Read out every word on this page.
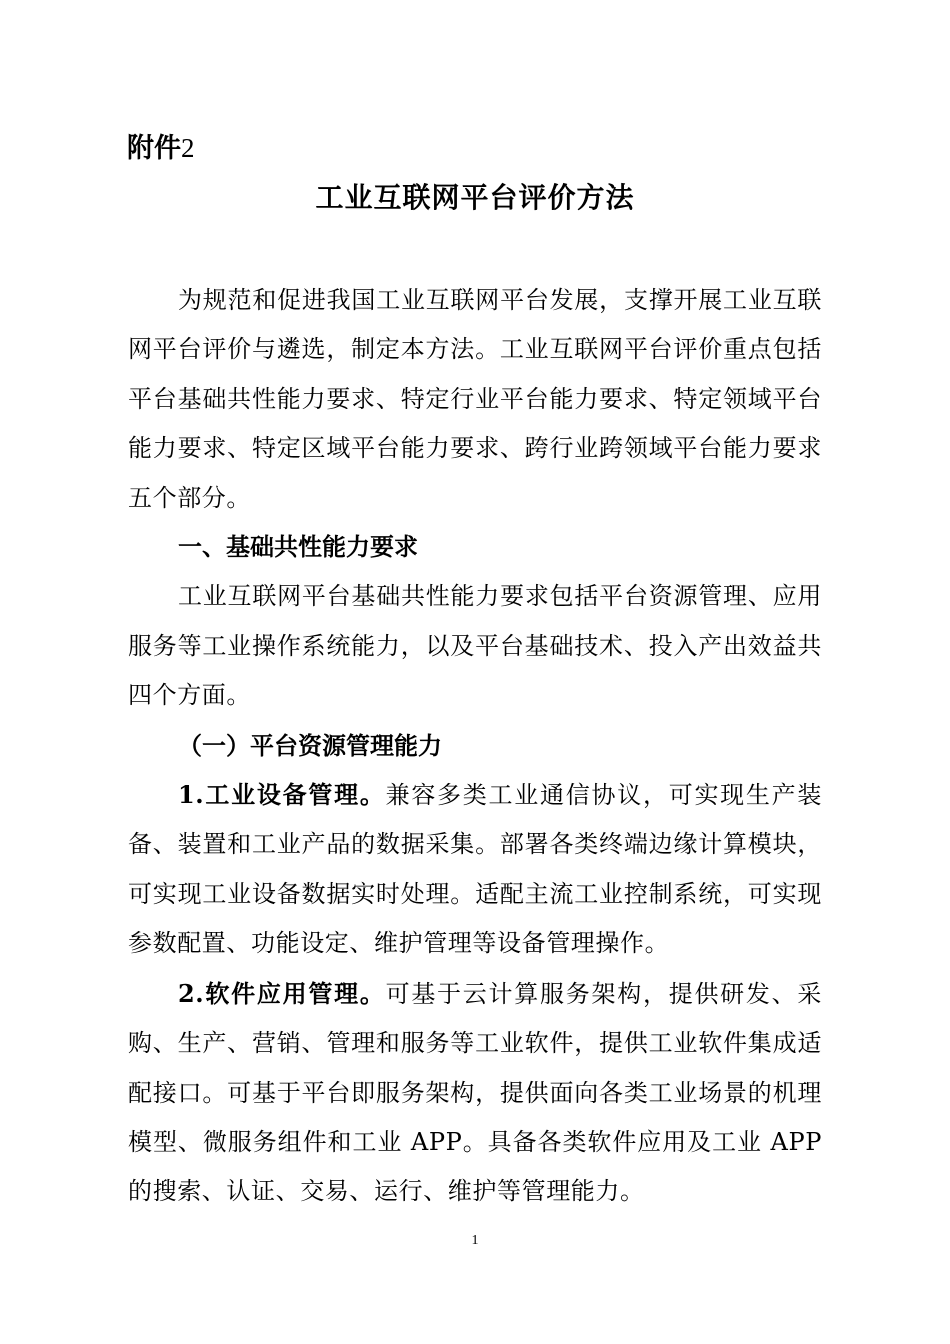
附件2
工业互联网平台评价方法

为规范和促进我国工业互联网平台发展，支撑开展工业互联网平台评价与遴选，制定本方法。工业互联网平台评价重点包括平台基础共性能力要求、特定行业平台能力要求、特定领域平台能力要求、特定区域平台能力要求、跨行业跨领域平台能力要求五个部分。

一、基础共性能力要求

工业互联网平台基础共性能力要求包括平台资源管理、应用服务等工业操作系统能力，以及平台基础技术、投入产出效益共四个方面。

（一）平台资源管理能力

1.工业设备管理。兼容多类工业通信协议，可实现生产装备、装置和工业产品的数据采集。部署各类终端边缘计算模块，可实现工业设备数据实时处理。适配主流工业控制系统，可实现参数配置、功能设定、维护管理等设备管理操作。

2.软件应用管理。可基于云计算服务架构，提供研发、采购、生产、营销、管理和服务等工业软件，提供工业软件集成适配接口。可基于平台即服务架构，提供面向各类工业场景的机理模型、微服务组件和工业 APP。具备各类软件应用及工业 APP 的搜索、认证、交易、运行、维护等管理能力。

1
